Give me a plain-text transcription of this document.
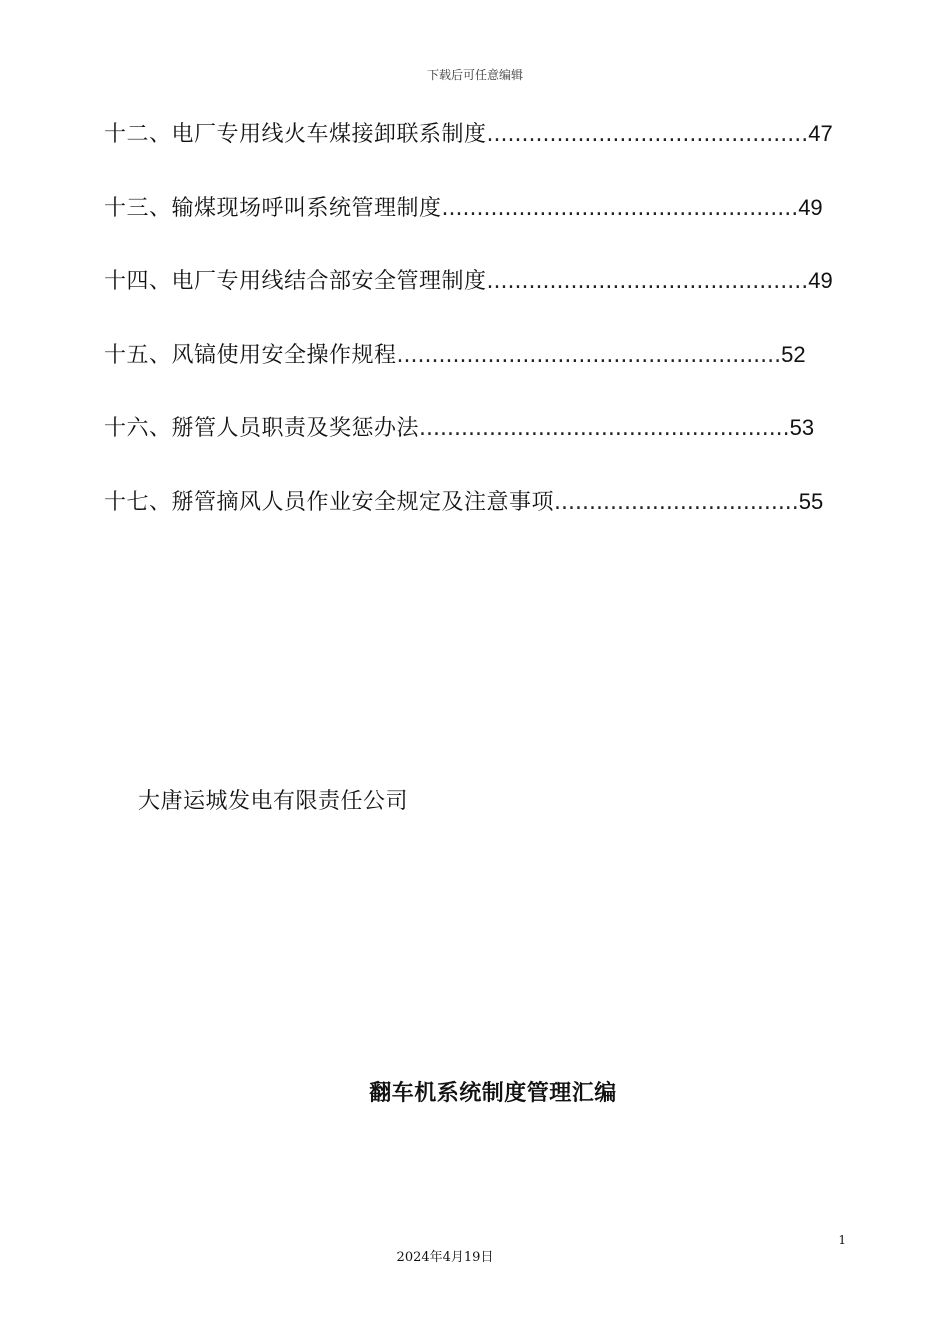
下载后可任意编辑
十二、电厂专用线火车煤接卸联系制度..............................................47
十三、输煤现场呼叫系统管理制度...................................................49
十四、电厂专用线结合部安全管理制度..............................................49
十五、风镐使用安全操作规程.......................................................52
十六、掰管人员职责及奖惩办法.....................................................53
十七、掰管摘风人员作业安全规定及注意事项...................................55
大唐运城发电有限责任公司
翻车机系统制度管理汇编
1
2024年4月19日
